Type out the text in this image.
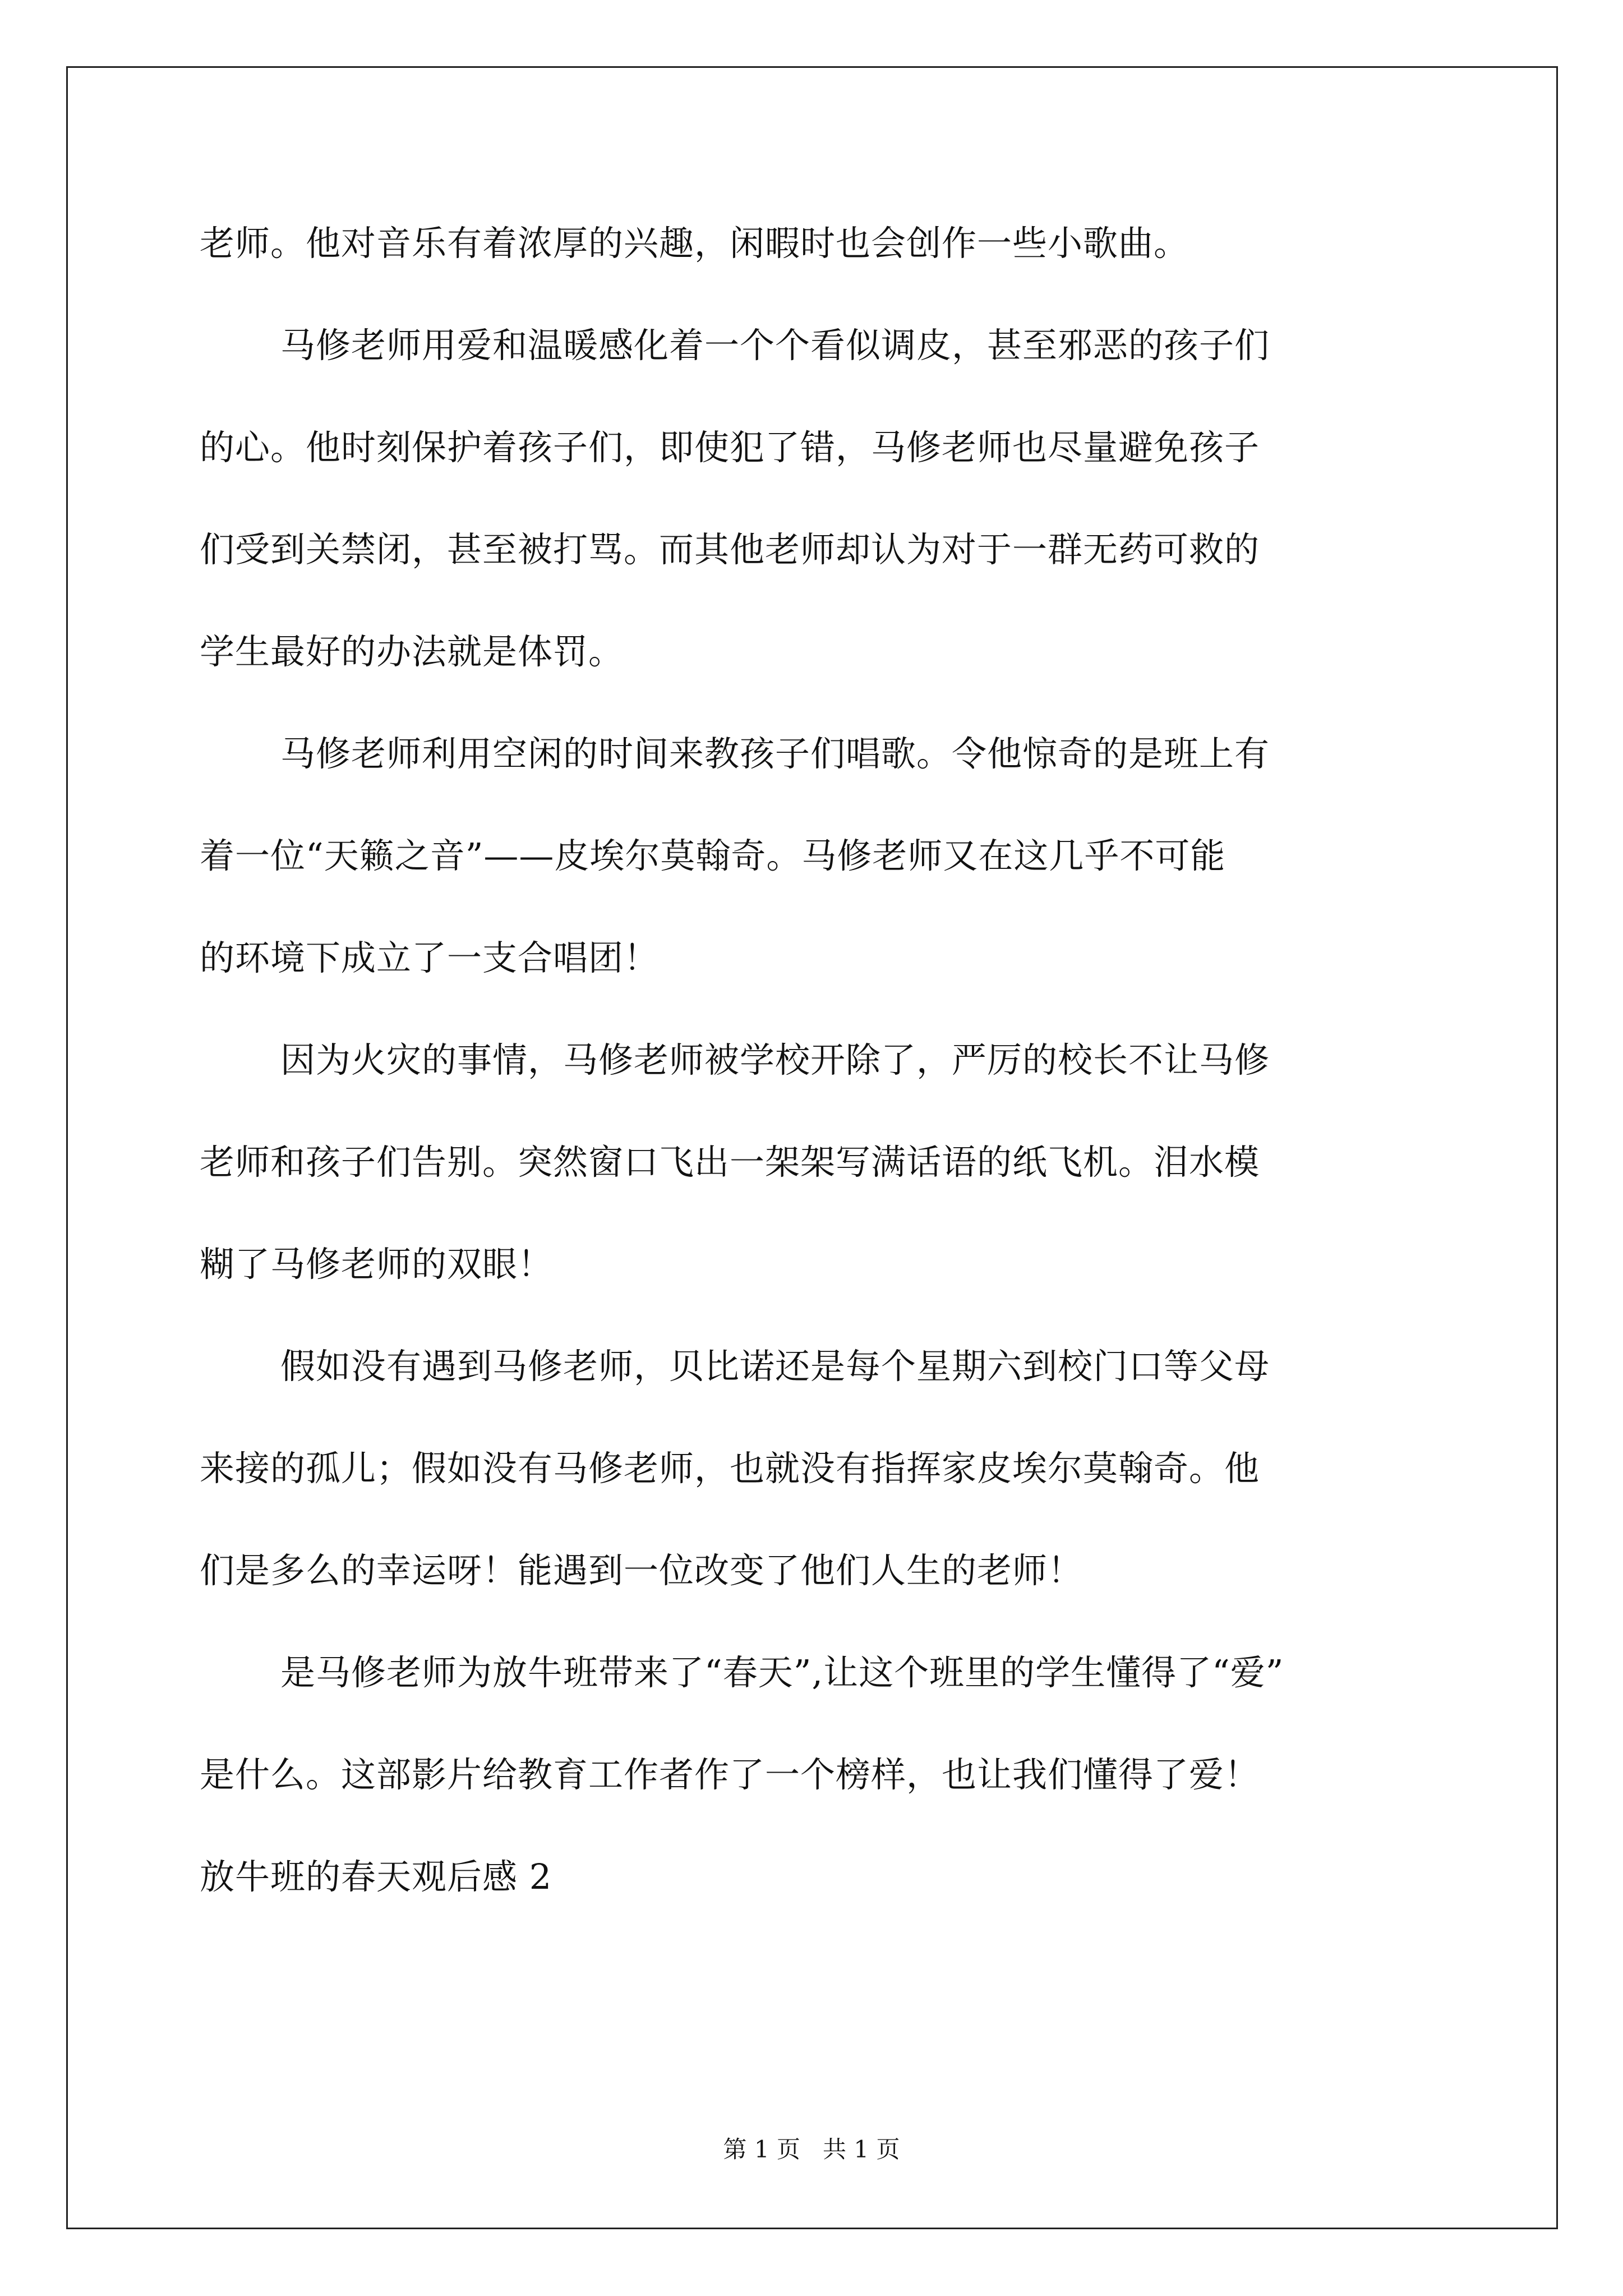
老师。他对音乐有着浓厚的兴趣，闲暇时也会创作一些小歌曲。
马修老师用爱和温暖感化着一个个看似调皮，甚至邪恶的孩子们
的心。他时刻保护着孩子们，即使犯了错，马修老师也尽量避免孩子
们受到关禁闭，甚至被打骂。而其他老师却认为对于一群无药可救的
学生最好的办法就是体罚。
马修老师利用空闲的时间来教孩子们唱歌。令他惊奇的是班上有
着一位“天籁之音”——皮埃尔莫翰奇。马修老师又在这几乎不可能
的环境下成立了一支合唱团！
因为火灾的事情，马修老师被学校开除了，严厉的校长不让马修
老师和孩子们告别。突然窗口飞出一架架写满话语的纸飞机。泪水模
糊了马修老师的双眼！
假如没有遇到马修老师，贝比诺还是每个星期六到校门口等父母
来接的孤儿；假如没有马修老师，也就没有指挥家皮埃尔莫翰奇。他
们是多么的幸运呀！能遇到一位改变了他们人生的老师！
是马修老师为放牛班带来了“春天”,让这个班里的学生懂得了“爱”
是什么。这部影片给教育工作者作了一个榜样，也让我们懂得了爱！
放牛班的春天观后感 2
第 1 页   共 1 页
